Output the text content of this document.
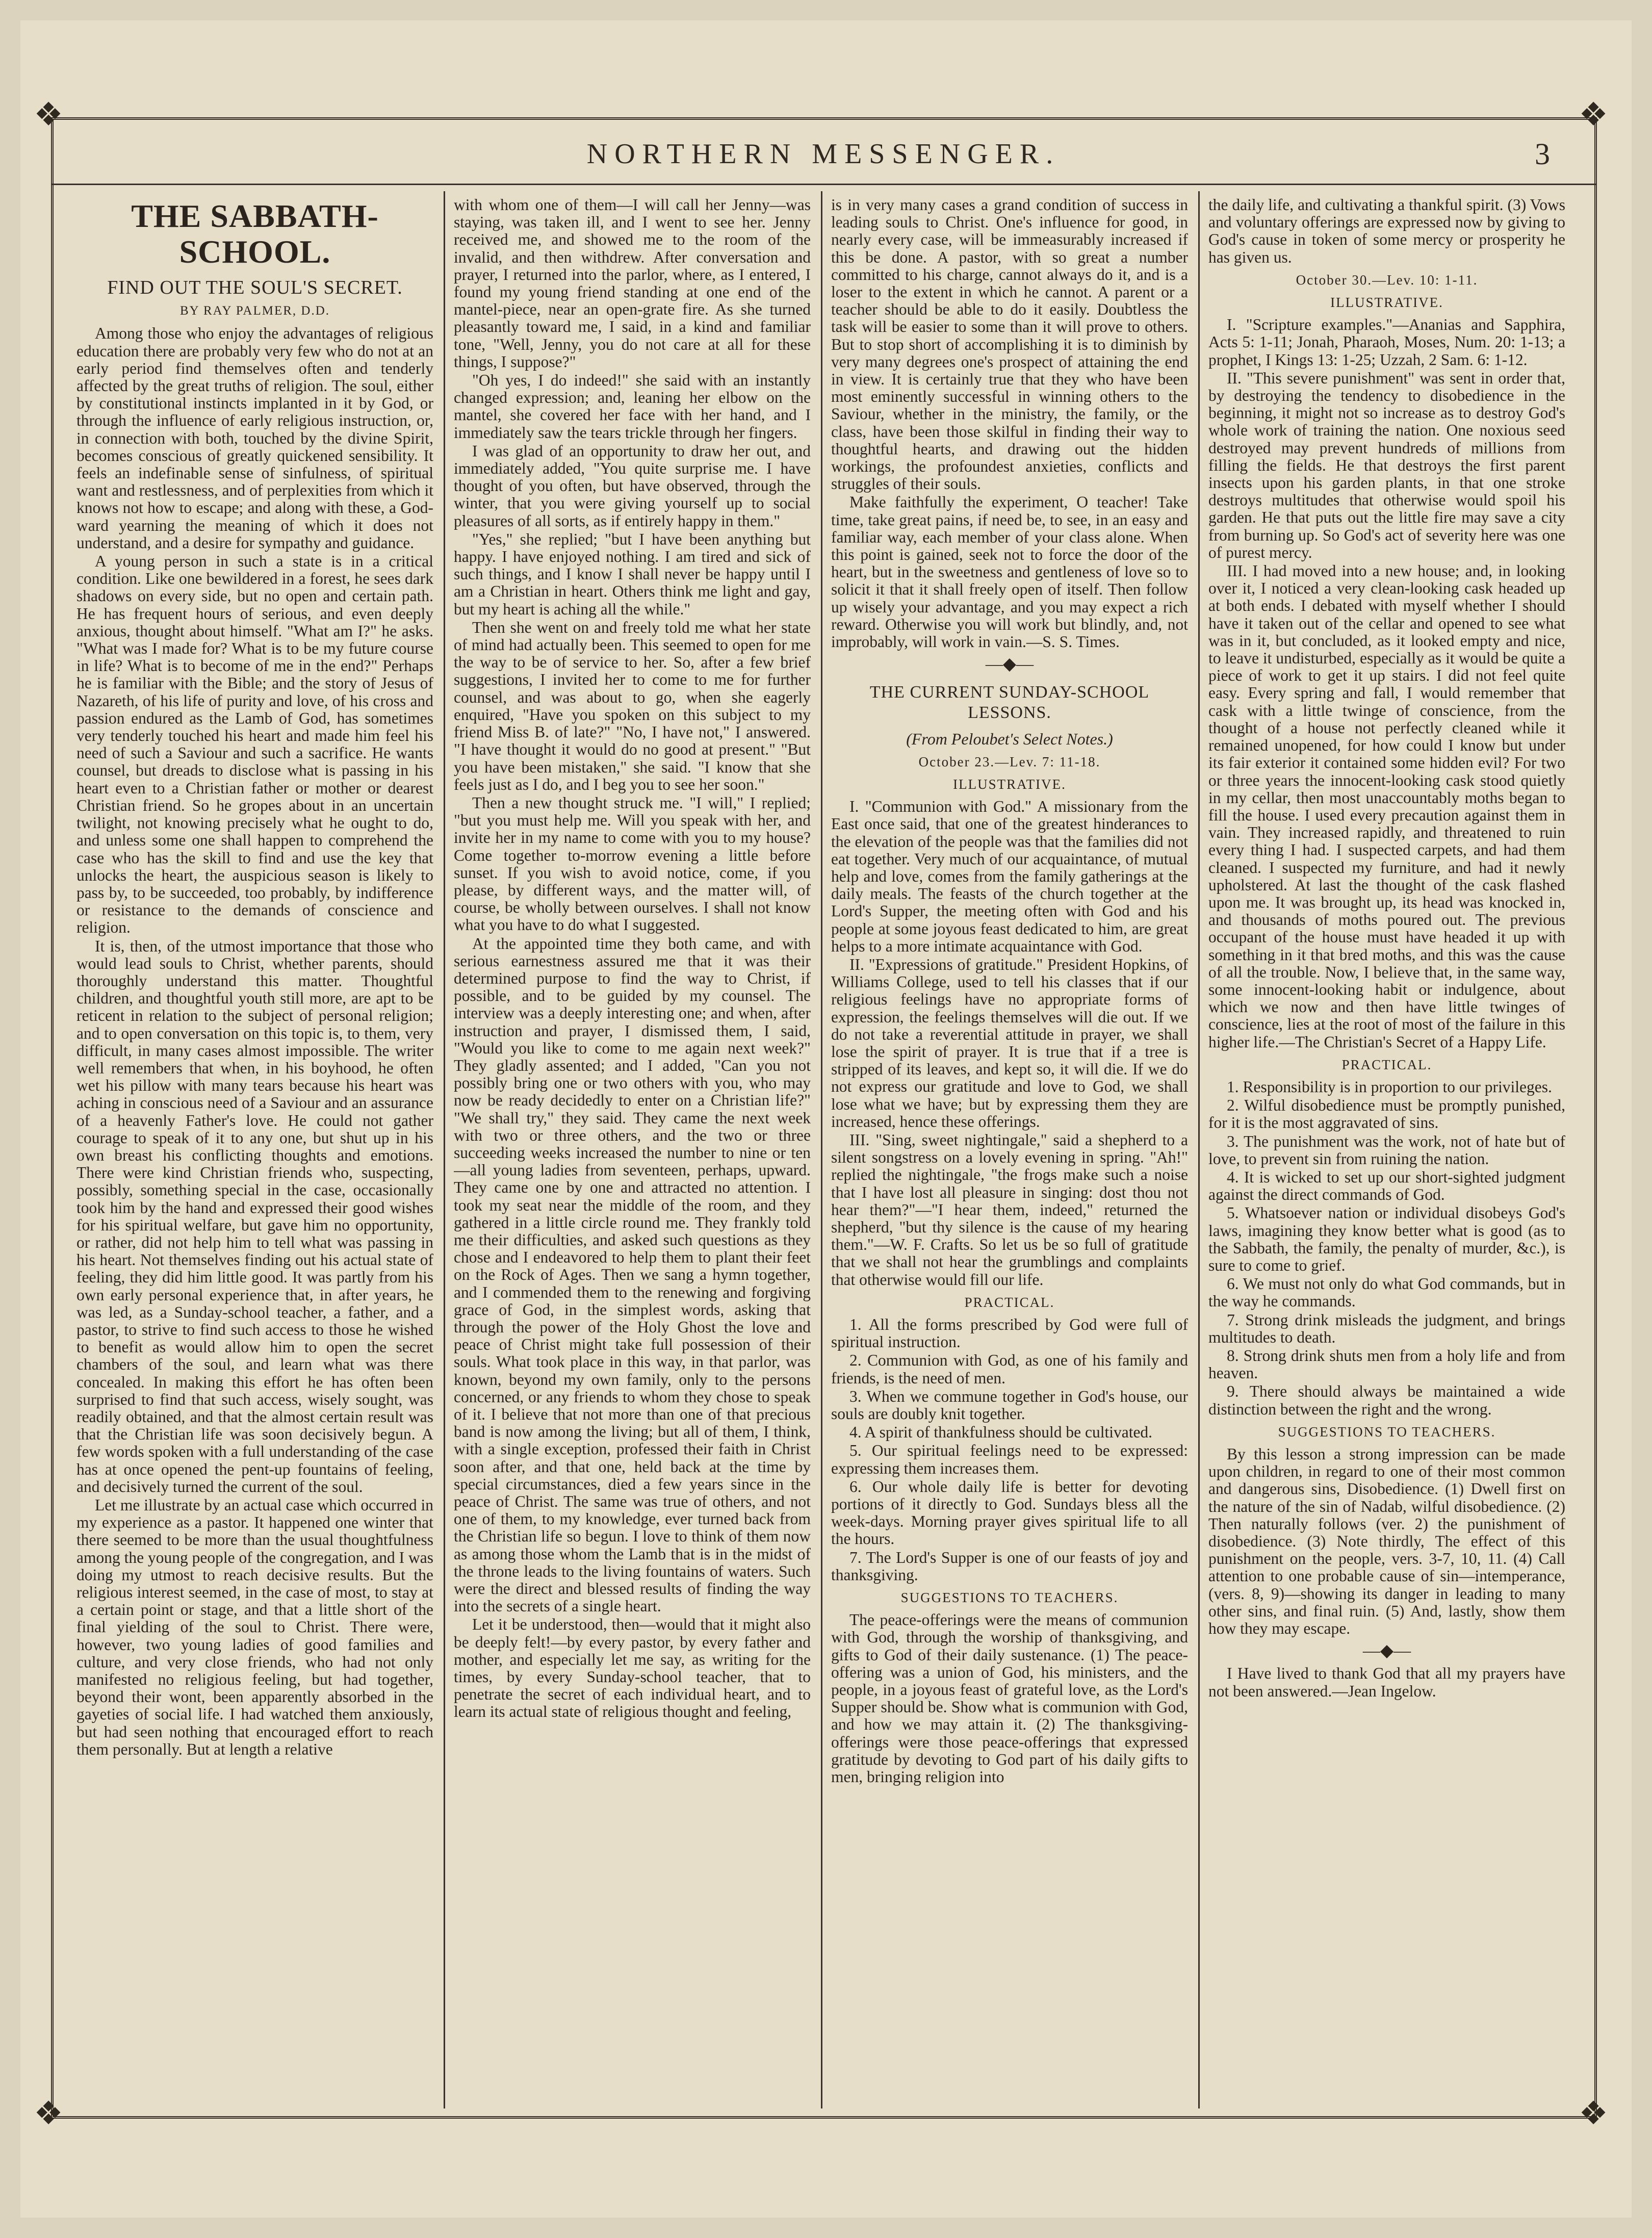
❖	❖
❖	❖
NORTHERN MESSENGER.	3
THE SABBATH-SCHOOL.
FIND OUT THE SOUL'S SECRET.
BY RAY PALMER, D.D.

Among those who enjoy the advantages of religious education there are probably very few who do not at an early period find themselves often and tenderly affected by the great truths of religion. The soul, either by constitutional instincts implanted in it by God, or through the influence of early religious instruction, or, in connection with both, touched by the divine Spirit, becomes conscious of greatly quickened sensibility. It feels an indefinable sense of sinfulness, of spiritual want and restlessness, and of perplexities from which it knows not how to escape; and along with these, a God-ward yearning the meaning of which it does not understand, and a desire for sympathy and guidance.

A young person in such a state is in a critical condition. Like one bewildered in a forest, he sees dark shadows on every side, but no open and certain path. He has frequent hours of serious, and even deeply anxious, thought about himself. "What am I?" he asks. "What was I made for? What is to be my future course in life? What is to become of me in the end?" Perhaps he is familiar with the Bible; and the story of Jesus of Nazareth, of his life of purity and love, of his cross and passion endured as the Lamb of God, has sometimes very tenderly touched his heart and made him feel his need of such a Saviour and such a sacrifice. He wants counsel, but dreads to disclose what is passing in his heart even to a Christian father or mother or dearest Christian friend. So he gropes about in an uncertain twilight, not knowing precisely what he ought to do, and unless some one shall happen to comprehend the case who has the skill to find and use the key that unlocks the heart, the auspicious season is likely to pass by, to be succeeded, too probably, by indifference or resistance to the demands of conscience and religion.

It is, then, of the utmost importance that those who would lead souls to Christ, whether parents, should thoroughly understand this matter. Thoughtful children, and thoughtful youth still more, are apt to be reticent in relation to the subject of personal religion; and to open conversation on this topic is, to them, very difficult, in many cases almost impossible. The writer well remembers that when, in his boyhood, he often wet his pillow with many tears because his heart was aching in conscious need of a Saviour and an assurance of a heavenly Father's love. He could not gather courage to speak of it to any one, but shut up in his own breast his conflicting thoughts and emotions. There were kind Christian friends who, suspecting, possibly, something special in the case, occasionally took him by the hand and expressed their good wishes for his spiritual welfare, but gave him no opportunity, or rather, did not help him to tell what was passing in his heart. Not themselves finding out his actual state of feeling, they did him little good. It was partly from his own early personal experience that, in after years, he was led, as a Sunday-school teacher, a father, and a pastor, to strive to find such access to those he wished to benefit as would allow him to open the secret chambers of the soul, and learn what was there concealed. In making this effort he has often been surprised to find that such access, wisely sought, was readily obtained, and that the almost certain result was that the Christian life was soon decisively begun. A few words spoken with a full understanding of the case has at once opened the pent-up fountains of feeling, and decisively turned the current of the soul.

Let me illustrate by an actual case which occurred in my experience as a pastor. It happened one winter that there seemed to be more than the usual thoughtfulness among the young people of the congregation, and I was doing my utmost to reach decisive results. But the religious interest seemed, in the case of most, to stay at a certain point or stage, and that a little short of the final yielding of the soul to Christ. There were, however, two young ladies of good families and culture, and very close friends, who had not only manifested no religious feeling, but had together, beyond their wont, been apparently absorbed in the gayeties of social life. I had watched them anxiously, but had seen nothing that encouraged effort to reach them personally. But at length a relative

with whom one of them—I will call her Jenny—was staying, was taken ill, and I went to see her. Jenny received me, and showed me to the room of the invalid, and then withdrew. After conversation and prayer, I returned into the parlor, where, as I entered, I found my young friend standing at one end of the mantel-piece, near an open-grate fire. As she turned pleasantly toward me, I said, in a kind and familiar tone, "Well, Jenny, you do not care at all for these things, I suppose?"

"Oh yes, I do indeed!" she said with an instantly changed expression; and, leaning her elbow on the mantel, she covered her face with her hand, and I immediately saw the tears trickle through her fingers.

I was glad of an opportunity to draw her out, and immediately added, "You quite surprise me. I have thought of you often, but have observed, through the winter, that you were giving yourself up to social pleasures of all sorts, as if entirely happy in them."

"Yes," she replied; "but I have been anything but happy. I have enjoyed nothing. I am tired and sick of such things, and I know I shall never be happy until I am a Christian in heart. Others think me light and gay, but my heart is aching all the while."

Then she went on and freely told me what her state of mind had actually been. This seemed to open for me the way to be of service to her. So, after a few brief suggestions, I invited her to come to me for further counsel, and was about to go, when she eagerly enquired, "Have you spoken on this subject to my friend Miss B. of late?" "No, I have not," I answered. "I have thought it would do no good at present." "But you have been mistaken," she said. "I know that she feels just as I do, and I beg you to see her soon."

Then a new thought struck me. "I will," I replied; "but you must help me. Will you speak with her, and invite her in my name to come with you to my house? Come together to-morrow evening a little before sunset. If you wish to avoid notice, come, if you please, by different ways, and the matter will, of course, be wholly between ourselves. I shall not know what you have to do what I suggested.

At the appointed time they both came, and with serious earnestness assured me that it was their determined purpose to find the way to Christ, if possible, and to be guided by my counsel. The interview was a deeply interesting one; and when, after instruction and prayer, I dismissed them, I said, "Would you like to come to me again next week?" They gladly assented; and I added, "Can you not possibly bring one or two others with you, who may now be ready decidedly to enter on a Christian life?" "We shall try," they said. They came the next week with two or three others, and the two or three succeeding weeks increased the number to nine or ten—all young ladies from seventeen, perhaps, upward. They came one by one and attracted no attention. I took my seat near the middle of the room, and they gathered in a little circle round me. They frankly told me their difficulties, and asked such questions as they chose and I endeavored to help them to plant their feet on the Rock of Ages. Then we sang a hymn together, and I commended them to the renewing and forgiving grace of God, in the simplest words, asking that through the power of the Holy Ghost the love and peace of Christ might take full possession of their souls. What took place in this way, in that parlor, was known, beyond my own family, only to the persons concerned, or any friends to whom they chose to speak of it. I believe that not more than one of that precious band is now among the living; but all of them, I think, with a single exception, professed their faith in Christ soon after, and that one, held back at the time by special circumstances, died a few years since in the peace of Christ. The same was true of others, and not one of them, to my knowledge, ever turned back from the Christian life so begun. I love to think of them now as among those whom the Lamb that is in the midst of the throne leads to the living fountains of waters. Such were the direct and blessed results of finding the way into the secrets of a single heart.

Let it be understood, then—would that it might also be deeply felt!—by every pastor, by every father and mother, and especially let me say, as writing for the times, by every Sunday-school teacher, that to penetrate the secret of each individual heart, and to learn its actual state of religious thought and feeling,

is in very many cases a grand condition of success in leading souls to Christ. One's influence for good, in nearly every case, will be immeasurably increased if this be done. A pastor, with so great a number committed to his charge, cannot always do it, and is a loser to the extent in which he cannot. A parent or a teacher should be able to do it easily. Doubtless the task will be easier to some than it will prove to others. But to stop short of accomplishing it is to diminish by very many degrees one's prospect of attaining the end in view. It is certainly true that they who have been most eminently successful in winning others to the Saviour, whether in the ministry, the family, or the class, have been those skilful in finding their way to thoughtful hearts, and drawing out the hidden workings, the profoundest anxieties, conflicts and struggles of their souls.

Make faithfully the experiment, O teacher! Take time, take great pains, if need be, to see, in an easy and familiar way, each member of your class alone. When this point is gained, seek not to force the door of the heart, but in the sweetness and gentleness of love so to solicit it that it shall freely open of itself. Then follow up wisely your advantage, and you may expect a rich reward. Otherwise you will work but blindly, and, not improbably, will work in vain.—S. S. Times.

—◆—
THE CURRENT SUNDAY-SCHOOL LESSONS.
(From Peloubet's Select Notes.)
October 23.—Lev. 7: 11-18.
ILLUSTRATIVE.

I. "Communion with God." A missionary from the East once said, that one of the greatest hinderances to the elevation of the people was that the families did not eat together. Very much of our acquaintance, of mutual help and love, comes from the family gatherings at the daily meals. The feasts of the church together at the Lord's Supper, the meeting often with God and his people at some joyous feast dedicated to him, are great helps to a more intimate acquaintance with God.

II. "Expressions of gratitude." President Hopkins, of Williams College, used to tell his classes that if our religious feelings have no appropriate forms of expression, the feelings themselves will die out. If we do not take a reverential attitude in prayer, we shall lose the spirit of prayer. It is true that if a tree is stripped of its leaves, and kept so, it will die. If we do not express our gratitude and love to God, we shall lose what we have; but by expressing them they are increased, hence these offerings.

III. "Sing, sweet nightingale," said a shepherd to a silent songstress on a lovely evening in spring. "Ah!" replied the nightingale, "the frogs make such a noise that I have lost all pleasure in singing: dost thou not hear them?"—"I hear them, indeed," returned the shepherd, "but thy silence is the cause of my hearing them."—W. F. Crafts. So let us be so full of gratitude that we shall not hear the grumblings and complaints that otherwise would fill our life.

PRACTICAL.

1. All the forms prescribed by God were full of spiritual instruction.

2. Communion with God, as one of his family and friends, is the need of men.

3. When we commune together in God's house, our souls are doubly knit together.

4. A spirit of thankfulness should be cultivated.

5. Our spiritual feelings need to be expressed: expressing them increases them.

6. Our whole daily life is better for devoting portions of it directly to God. Sundays bless all the week-days. Morning prayer gives spiritual life to all the hours.

7. The Lord's Supper is one of our feasts of joy and thanksgiving.

SUGGESTIONS TO TEACHERS.

The peace-offerings were the means of communion with God, through the worship of thanksgiving, and gifts to God of their daily sustenance. (1) The peace-offering was a union of God, his ministers, and the people, in a joyous feast of grateful love, as the Lord's Supper should be. Show what is communion with God, and how we may attain it. (2) The thanksgiving-offerings were those peace-offerings that expressed gratitude by devoting to God part of his daily gifts to men, bringing religion into

the daily life, and cultivating a thankful spirit. (3) Vows and voluntary offerings are expressed now by giving to God's cause in token of some mercy or prosperity he has given us.

October 30.—Lev. 10: 1-11.
ILLUSTRATIVE.

I. "Scripture examples."—Ananias and Sapphira, Acts 5: 1-11; Jonah, Pharaoh, Moses, Num. 20: 1-13; a prophet, I Kings 13: 1-25; Uzzah, 2 Sam. 6: 1-12.

II. "This severe punishment" was sent in order that, by destroying the tendency to disobedience in the beginning, it might not so increase as to destroy God's whole work of training the nation. One noxious seed destroyed may prevent hundreds of millions from filling the fields. He that destroys the first parent insects upon his garden plants, in that one stroke destroys multitudes that otherwise would spoil his garden. He that puts out the little fire may save a city from burning up. So God's act of severity here was one of purest mercy.

III. I had moved into a new house; and, in looking over it, I noticed a very clean-looking cask headed up at both ends. I debated with myself whether I should have it taken out of the cellar and opened to see what was in it, but concluded, as it looked empty and nice, to leave it undisturbed, especially as it would be quite a piece of work to get it up stairs. I did not feel quite easy. Every spring and fall, I would remember that cask with a little twinge of conscience, from the thought of a house not perfectly cleaned while it remained unopened, for how could I know but under its fair exterior it contained some hidden evil? For two or three years the innocent-looking cask stood quietly in my cellar, then most unaccountably moths began to fill the house. I used every precaution against them in vain. They increased rapidly, and threatened to ruin every thing I had. I suspected carpets, and had them cleaned. I suspected my furniture, and had it newly upholstered. At last the thought of the cask flashed upon me. It was brought up, its head was knocked in, and thousands of moths poured out. The previous occupant of the house must have headed it up with something in it that bred moths, and this was the cause of all the trouble. Now, I believe that, in the same way, some innocent-looking habit or indulgence, about which we now and then have little twinges of conscience, lies at the root of most of the failure in this higher life.—The Christian's Secret of a Happy Life.

PRACTICAL.

1. Responsibility is in proportion to our privileges.

2. Wilful disobedience must be promptly punished, for it is the most aggravated of sins.

3. The punishment was the work, not of hate but of love, to prevent sin from ruining the nation.

4. It is wicked to set up our short-sighted judgment against the direct commands of God.

5. Whatsoever nation or individual disobeys God's laws, imagining they know better what is good (as to the Sabbath, the family, the penalty of murder, &c.), is sure to come to grief.

6. We must not only do what God commands, but in the way he commands.

7. Strong drink misleads the judgment, and brings multitudes to death.

8. Strong drink shuts men from a holy life and from heaven.

9. There should always be maintained a wide distinction between the right and the wrong.

SUGGESTIONS TO TEACHERS.

By this lesson a strong impression can be made upon children, in regard to one of their most common and dangerous sins, Disobedience. (1) Dwell first on the nature of the sin of Nadab, wilful disobedience. (2) Then naturally follows (ver. 2) the punishment of disobedience. (3) Note thirdly, The effect of this punishment on the people, vers. 3-7, 10, 11. (4) Call attention to one probable cause of sin—intemperance, (vers. 8, 9)—showing its danger in leading to many other sins, and final ruin. (5) And, lastly, show them how they may escape.

—◆—

I Have lived to thank God that all my prayers have not been answered.—Jean Ingelow.
